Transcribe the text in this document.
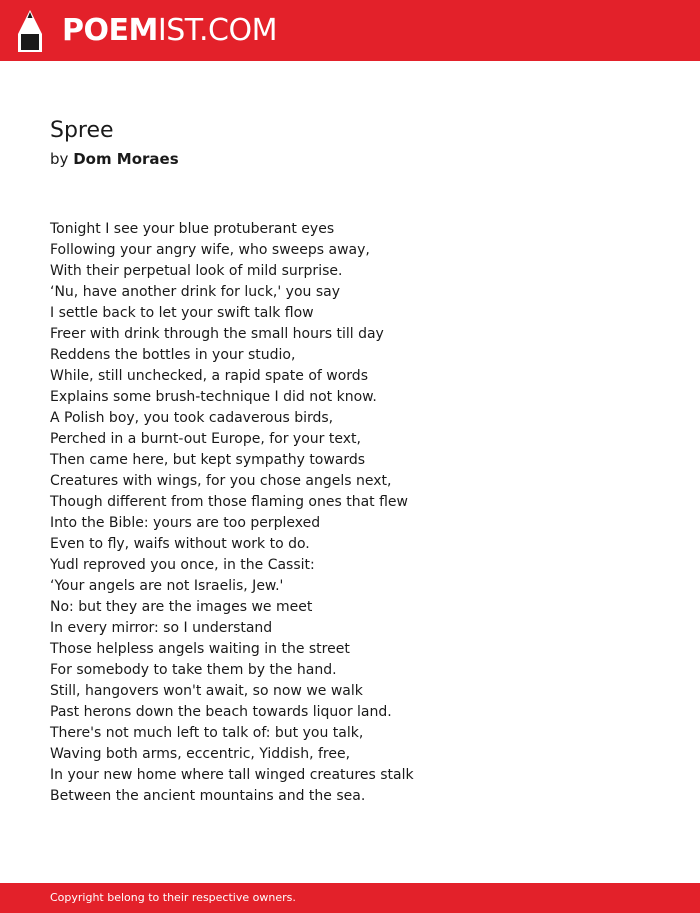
POEMIST.COM
Spree
by Dom Moraes
Tonight I see your blue protuberant eyes
Following your angry wife, who sweeps away,
With their perpetual look of mild surprise.
‘Nu, have another drink for luck,' you say
I settle back to let your swift talk flow
Freer with drink through the small hours till day
Reddens the bottles in your studio,
While, still unchecked, a rapid spate of words
Explains some brush-technique I did not know.
A Polish boy, you took cadaverous birds,
Perched in a burnt-out Europe, for your text,
Then came here, but kept sympathy towards
Creatures with wings, for you chose angels next,
Though different from those flaming ones that flew
Into the Bible: yours are too perplexed
Even to fly, waifs without work to do.
Yudl reproved you once, in the Cassit:
‘Your angels are not Israelis, Jew.'
No: but they are the images we meet
In every mirror: so I understand
Those helpless angels waiting in the street
For somebody to take them by the hand.
Still, hangovers won't await, so now we walk
Past herons down the beach towards liquor land.
There's not much left to talk of: but you talk,
Waving both arms, eccentric, Yiddish, free,
In your new home where tall winged creatures stalk
Between the ancient mountains and the sea.
Copyright belong to their respective owners.
